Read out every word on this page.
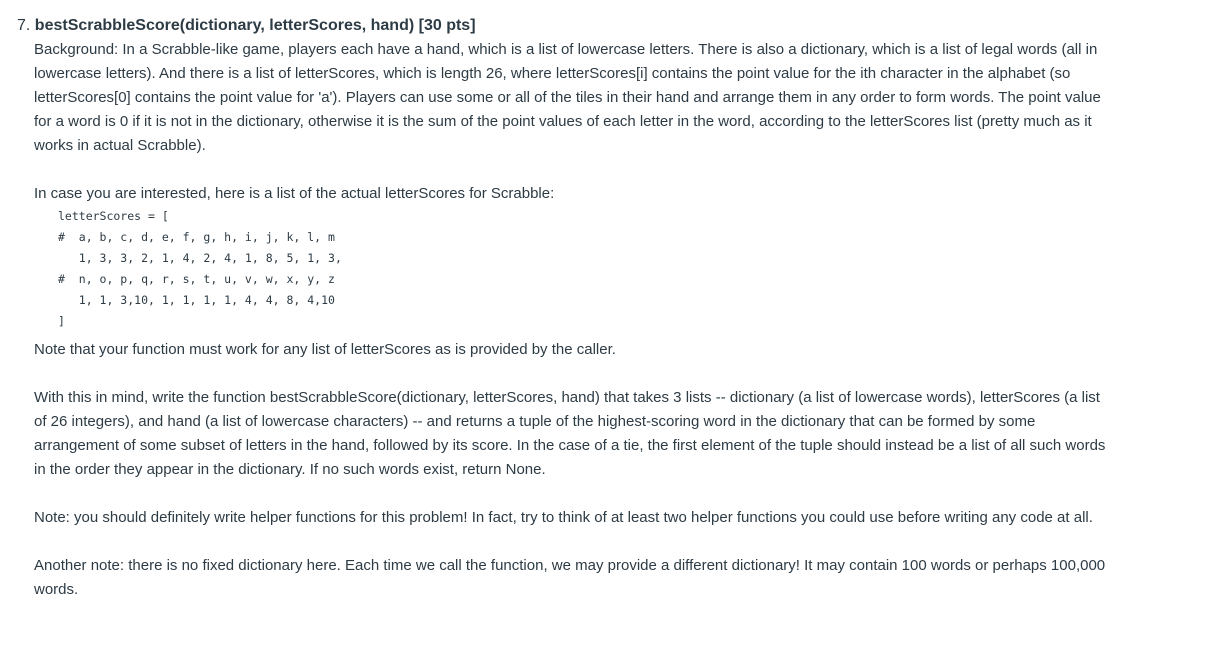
7. bestScrabbleScore(dictionary, letterScores, hand) [30 pts]

Background: In a Scrabble-like game, players each have a hand, which is a list of lowercase letters. There is also a dictionary, which is a list of legal words (all in lowercase letters). And there is a list of letterScores, which is length 26, where letterScores[i] contains the point value for the ith character in the alphabet (so letterScores[0] contains the point value for 'a'). Players can use some or all of the tiles in their hand and arrange them in any order to form words. The point value for a word is 0 if it is not in the dictionary, otherwise it is the sum of the point values of each letter in the word, according to the letterScores list (pretty much as it works in actual Scrabble).

In case you are interested, here is a list of the actual letterScores for Scrabble:

letterScores = [
#  a, b, c, d, e, f, g, h, i, j, k, l, m
1, 3, 3, 2, 1, 4, 2, 4, 1, 8, 5, 1, 3,
#  n, o, p, q, r, s, t, u, v, w, x, y, z
1, 1, 3,10, 1, 1, 1, 1, 4, 4, 8, 4,10
]

Note that your function must work for any list of letterScores as is provided by the caller.

With this in mind, write the function bestScrabbleScore(dictionary, letterScores, hand) that takes 3 lists -- dictionary (a list of lowercase words), letterScores (a list of 26 integers), and hand (a list of lowercase characters) -- and returns a tuple of the highest-scoring word in the dictionary that can be formed by some arrangement of some subset of letters in the hand, followed by its score. In the case of a tie, the first element of the tuple should instead be a list of all such words in the order they appear in the dictionary. If no such words exist, return None.

Note: you should definitely write helper functions for this problem! In fact, try to think of at least two helper functions you could use before writing any code at all.

Another note: there is no fixed dictionary here. Each time we call the function, we may provide a different dictionary! It may contain 100 words or perhaps 100,000 words.
